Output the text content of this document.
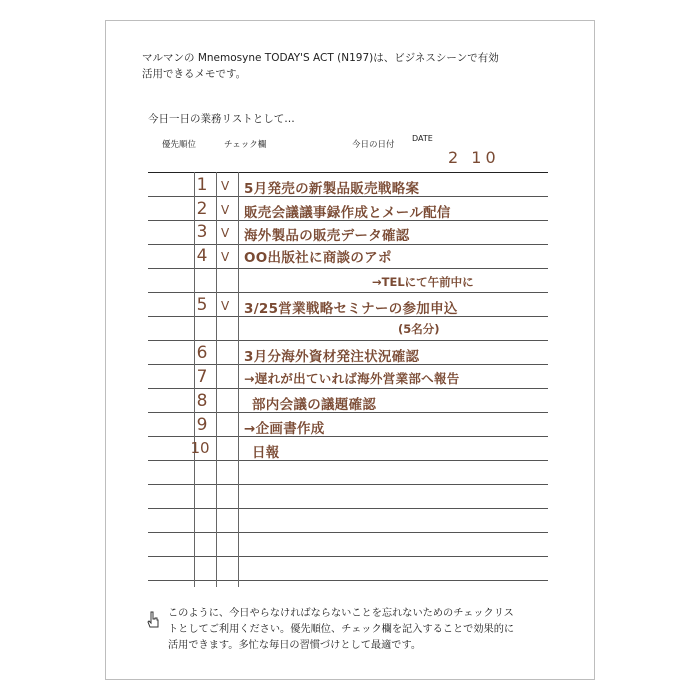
マルマンの Mnemosyne TODAY'S ACT (N197)は、ビジネスシーンで有効
活用できるメモです。
今日一日の業務リストとして…
優先順位	チェック欄	今日の日付
DATE
2 10
1	V 5月発売の新製品販売戦略案
2	V 販売会議議事録作成とメール配信
3	V 海外製品の販売データ確認
4	V OO出版社に商談のアポ
→TELにて午前中に
5	V 3/25営業戦略セミナーの参加申込
(5名分)
6	3月分海外資材発注状況確認
7	→遅れが出ていれば海外営業部へ報告
8	部内会議の議題確認
9	→企画書作成
10	日報
このように、今日やらなければならないことを忘れないためのチェックリス
トとしてご利用ください。優先順位、チェック欄を記入することで効果的に
活用できます。多忙な毎日の習慣づけとして最適です。
